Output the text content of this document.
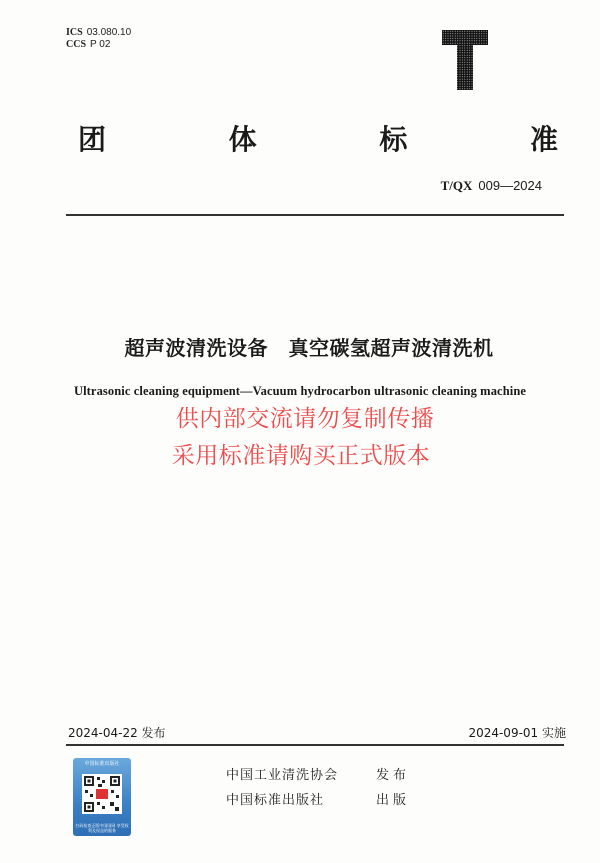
ICS 03.080.10
CCS P 02
团	体	标	准
T/QX 009—2024
超声波清洗设备　真空碳氢超声波清洗机
Ultrasonic cleaning equipment—Vacuum hydrocarbon ultrasonic cleaning machine
供内部交流请勿复制传播
采用标准请购买正式版本
2024-04-22 发布	2024-09-01 实施
中国标准出版社
扫码检查正版中国国网 享受权利及权益的服务
中国工业清洗协会	发布
中国标准出版社	出版
